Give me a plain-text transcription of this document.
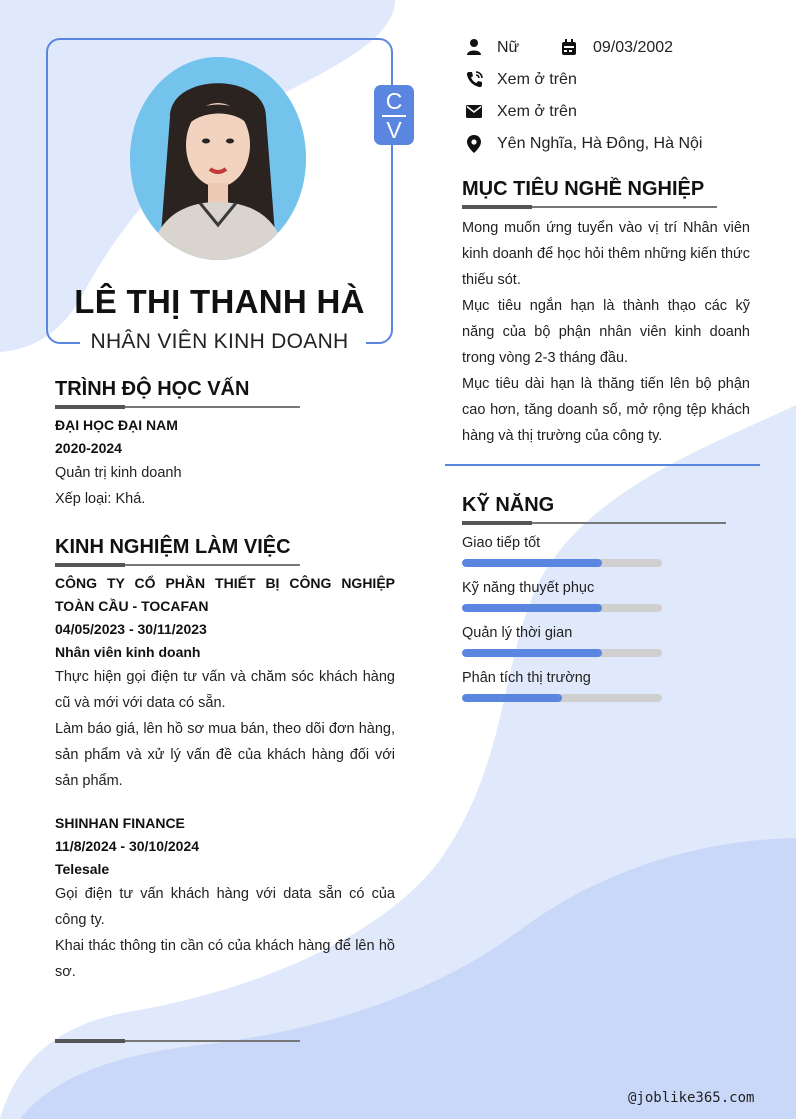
C
V
LÊ THỊ THANH HÀ
NHÂN VIÊN KINH DOANH
TRÌNH ĐỘ HỌC VẤN

ĐẠI HỌC ĐẠI NAM

2020-2024

Quản trị kinh doanh

Xếp loại: Khá.

KINH NGHIỆM LÀM VIỆC

CÔNG TY CỔ PHẦN THIẾT BỊ CÔNG NGHIỆP TOÀN CẦU - TOCAFAN

04/05/2023 - 30/11/2023

Nhân viên kinh doanh

Thực hiện gọi điện tư vấn và chăm sóc khách hàng cũ và mới với data có sẵn.

Làm báo giá, lên hồ sơ mua bán, theo dõi đơn hàng, sản phẩm và xử lý vấn đề của khách hàng đối với sản phẩm.

SHINHAN FINANCE

11/8/2024 - 30/10/2024

Telesale

Gọi điện tư vấn khách hàng với data sẵn có của công ty.

Khai thác thông tin cần có của khách hàng để lên hồ sơ.

Nữ	09/03/2002
Xem ở trên
Xem ở trên
Yên Nghĩa, Hà Đông, Hà Nội
MỤC TIÊU NGHỀ NGHIỆP

Mong muốn ứng tuyển vào vị trí Nhân viên kinh doanh để học hỏi thêm những kiến thức thiếu sót.

Mục tiêu ngắn hạn là thành thạo các kỹ năng của bộ phận nhân viên kinh doanh trong vòng 2-3 tháng đầu.

Mục tiêu dài hạn là thăng tiến lên bộ phận cao hơn, tăng doanh số, mở rộng tệp khách hàng và thị trường của công ty.

KỸ NĂNG
Giao tiếp tốt
Kỹ năng thuyết phục
Quản lý thời gian
Phân tích thị trường
@joblike365.com
